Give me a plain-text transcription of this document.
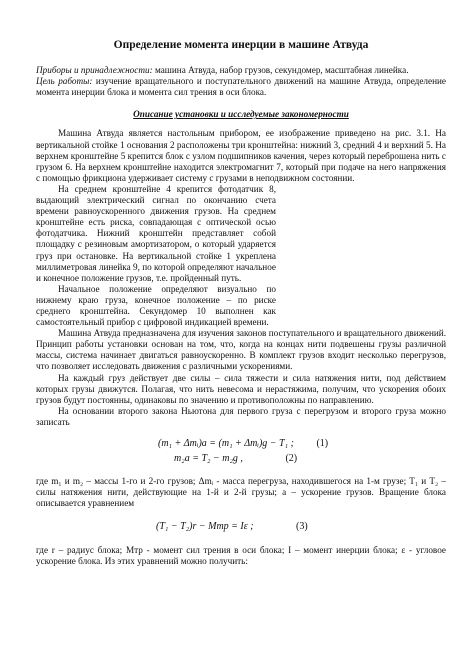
Определение момента инерции в машине Атвуда

Приборы и принадлежности: машина Атвуда, набор грузов, секундомер, масштабная линейка.

Цель работы: изучение вращательного и поступательного движений на машине Атвуда, определение момента инерции блока и момента сил трения в оси блока.

Описание установки и исследуемые закономерности

Машина Атвуда является настольным прибором, ее изображение приведено на рис. 3.1. На вертикальной стойке 1 основания 2 расположены три кронштейна: нижний 3, средний 4 и верхний 5. На верхнем кронштейне 5 крепится блок с узлом подшипников качения, через который переброшена нить с грузом 6. На верхнем кронштейне находится электромагнит 7, который при подаче на него напряжения с помощью фрикциона удерживает систему с грузами в неподвижном состоянии.

На среднем кронштейне 4 крепится фотодатчик 8, выдающий электрический сигнал по окончанию счета времени равноускоренного движения грузов. На среднем кронштейне есть риска, совпадающая с оптической осью фотодатчика. Нижний кронштейн представляет собой площадку с резиновым амортизатором, о который ударяется груз при остановке. На вертикальной стойке 1 укреплена миллиметровая линейка 9, по которой определяют начальное и конечное положение грузов, т.е. пройденный путь.

Начальное положение определяют визуально по нижнему краю груза, конечное положение – по риске среднего кронштейна. Секундомер 10 выполнен как самостоятельный прибор с цифровой индикацией времени.

Машина Атвуда предназначена для изучения законов поступательного и вращательного движений. Принцип работы установки основан на том, что, когда на концах нити подвешены грузы различной массы, система начинает двигаться равноускоренно. В комплект грузов входит несколько перегрузов, что позволяет исследовать движения с различными ускорениями.

На каждый груз действует две силы – сила тяжести и сила натяжения нити, под действием которых грузы движутся. Полагая, что нить невесома и нерастяжима, получим, что ускорения обоих грузов будут постоянны, одинаковы по значению и противоположны по направлению.

На основании второго закона Ньютона для первого груза с перегрузом и второго груза можно записать

(m₁ + Δmᵢ)a = (m₁ + Δmᵢ)g − T₁ ; (1)
m₂a = T₂ − m₂g ,	(2)

где m₁ и m₂ – массы 1-го и 2-го грузов; Δmᵢ - масса перегруза, находившегося на 1-м грузе; T₁ и T₂ – силы натяжения нити, действующие на 1-й и 2-й грузы; a – ускорение грузов. Вращение блока описывается уравнением

(T₁ − T₂)r − Mтр = Iε ;	(3)

где r – радиус блока; Mтр - момент сил трения в оси блока; I – момент инерции блока; ε - угловое ускорение блока. Из этих уравнений можно получить:
